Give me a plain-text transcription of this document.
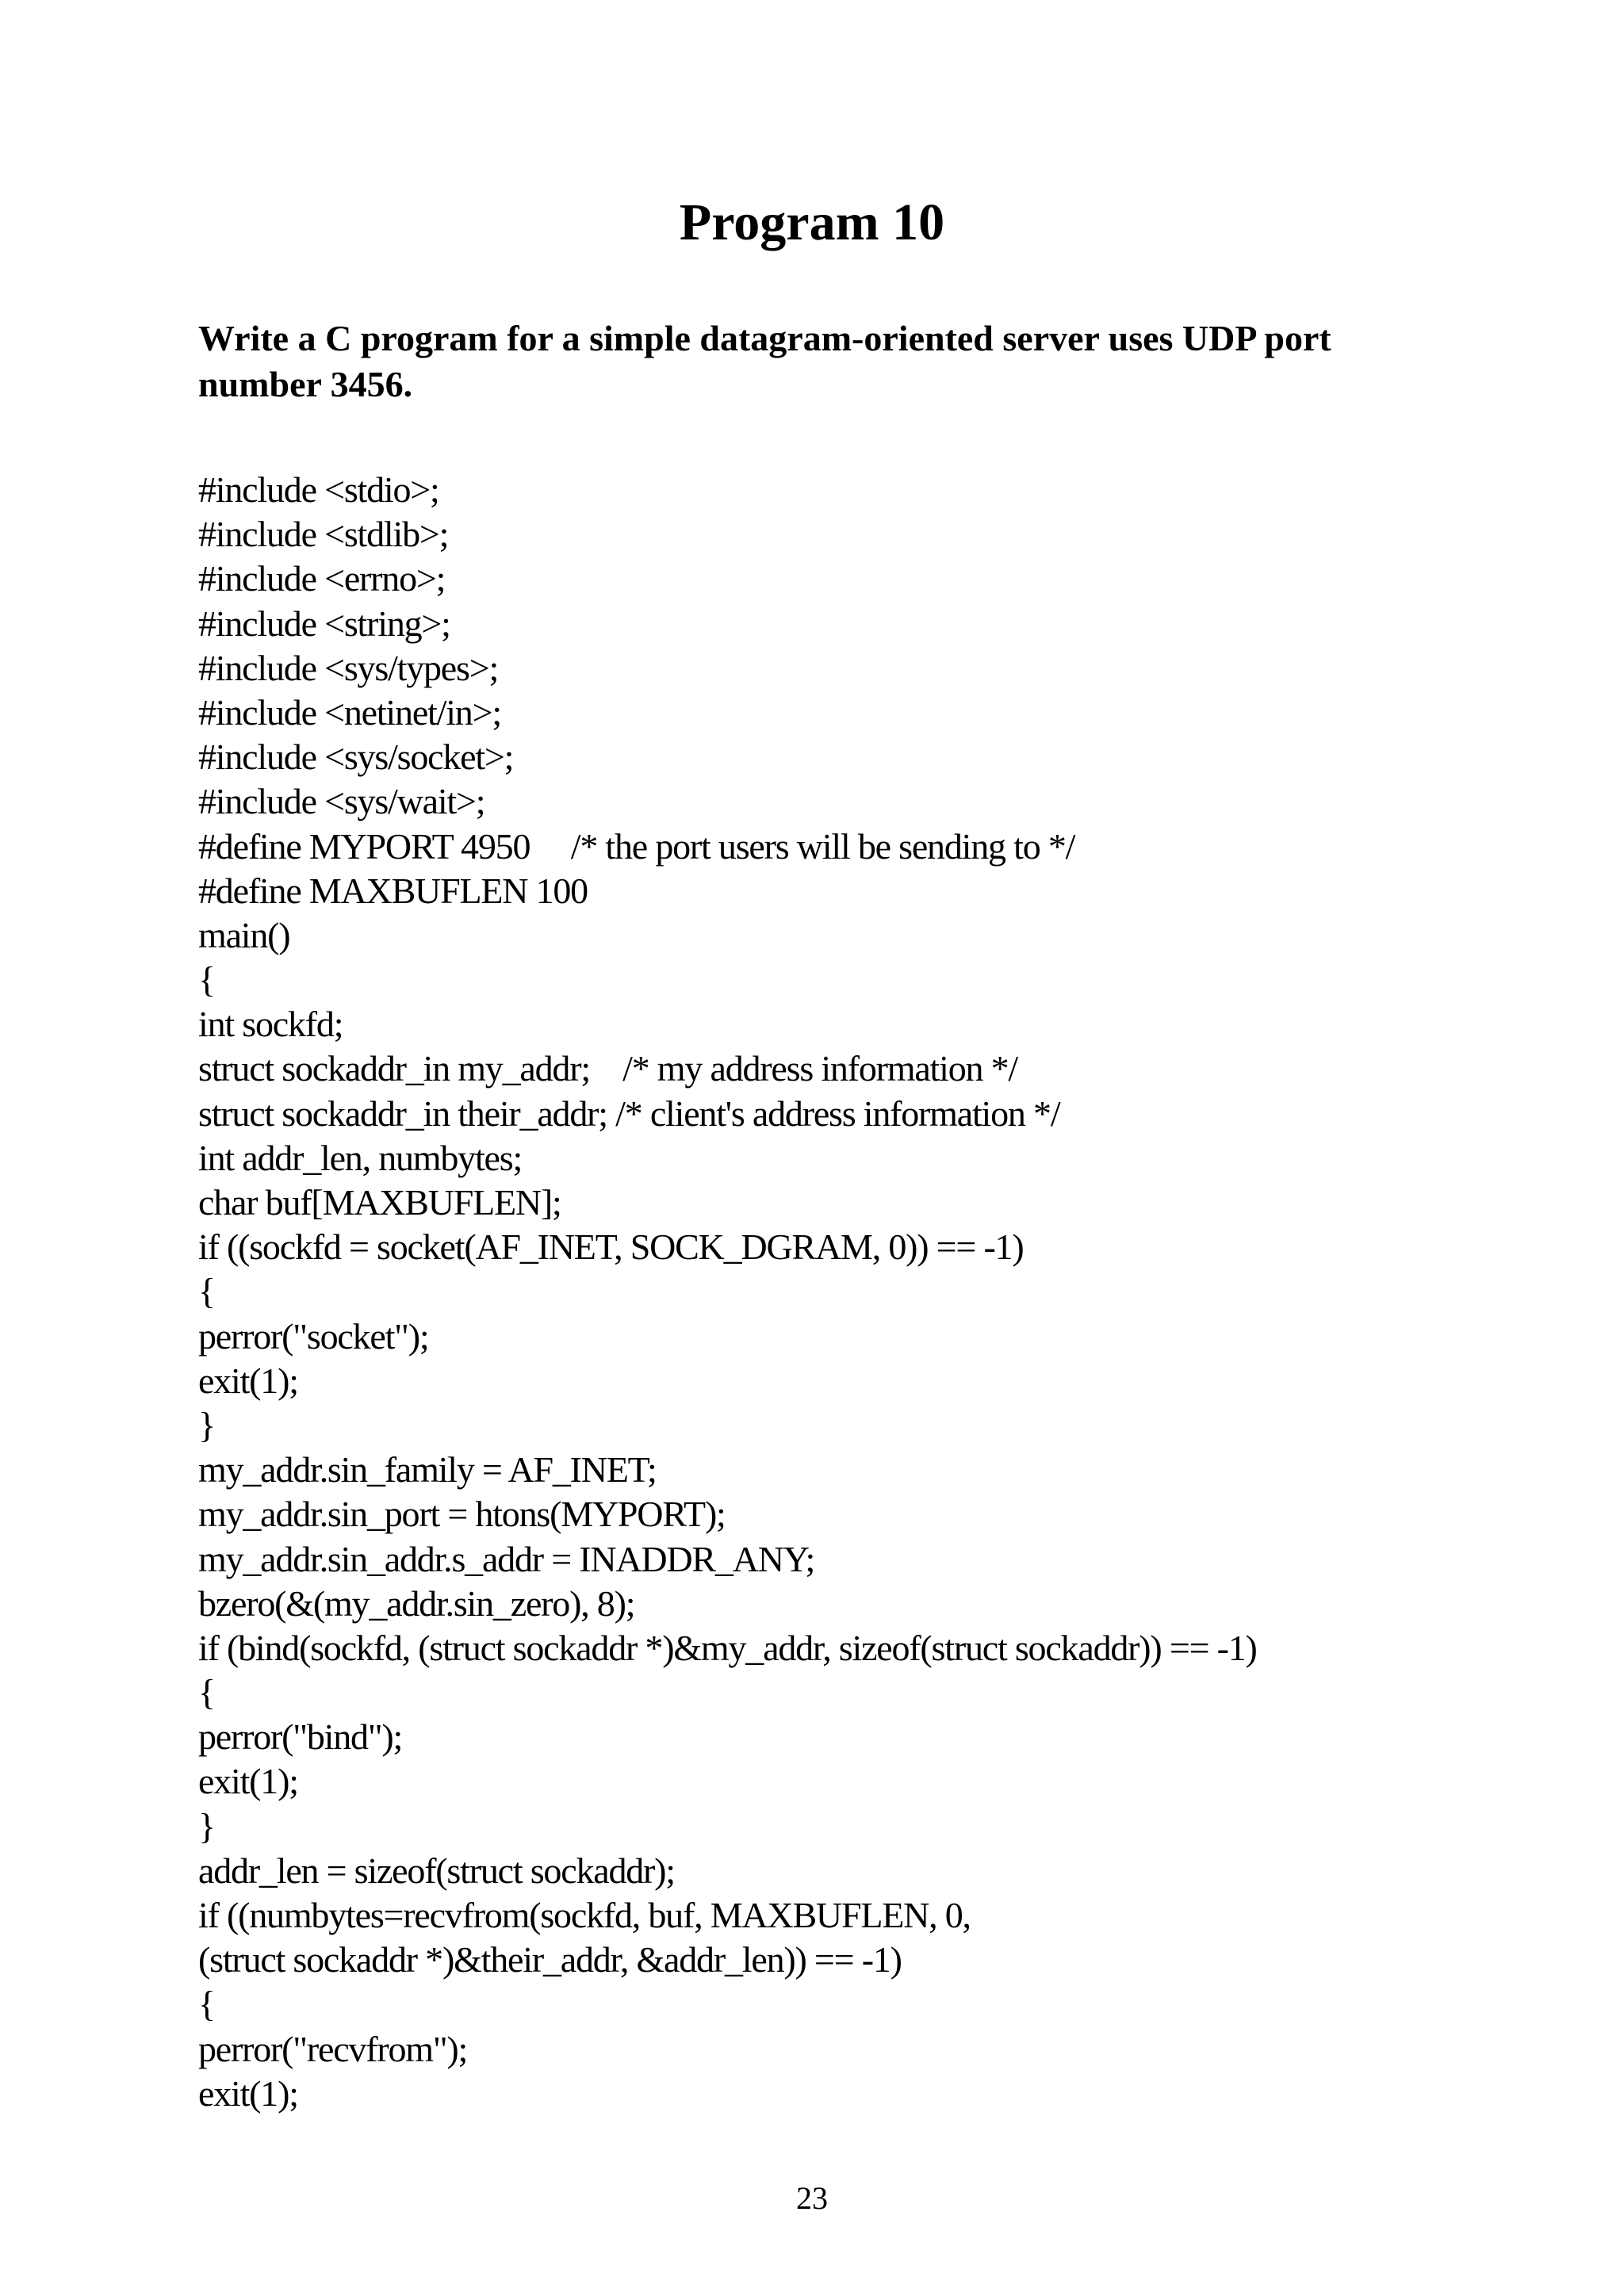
Program 10

Write a C program for a simple datagram-oriented server uses UDP port number 3456.

#include <stdio>;
#include <stdlib>;
#include <errno>;
#include <string>;
#include <sys/types>;
#include <netinet/in>;
#include <sys/socket>;
#include <sys/wait>;
#define MYPORT 4950     /* the port users will be sending to */
#define MAXBUFLEN 100
main()
{
int sockfd;
struct sockaddr_in my_addr;    /* my address information */
struct sockaddr_in their_addr; /* client's address information */
int addr_len, numbytes;
char buf[MAXBUFLEN];
if ((sockfd = socket(AF_INET, SOCK_DGRAM, 0)) == -1)
{
perror("socket");
exit(1);
}
my_addr.sin_family = AF_INET;
my_addr.sin_port = htons(MYPORT);
my_addr.sin_addr.s_addr = INADDR_ANY;
bzero(&(my_addr.sin_zero), 8);
if (bind(sockfd, (struct sockaddr *)&my_addr, sizeof(struct sockaddr)) == -1)
{
perror("bind");
exit(1);
}
addr_len = sizeof(struct sockaddr);
if ((numbytes=recvfrom(sockfd, buf, MAXBUFLEN, 0,
(struct sockaddr *)&their_addr, &addr_len)) == -1)
{
perror("recvfrom");
exit(1);
23
